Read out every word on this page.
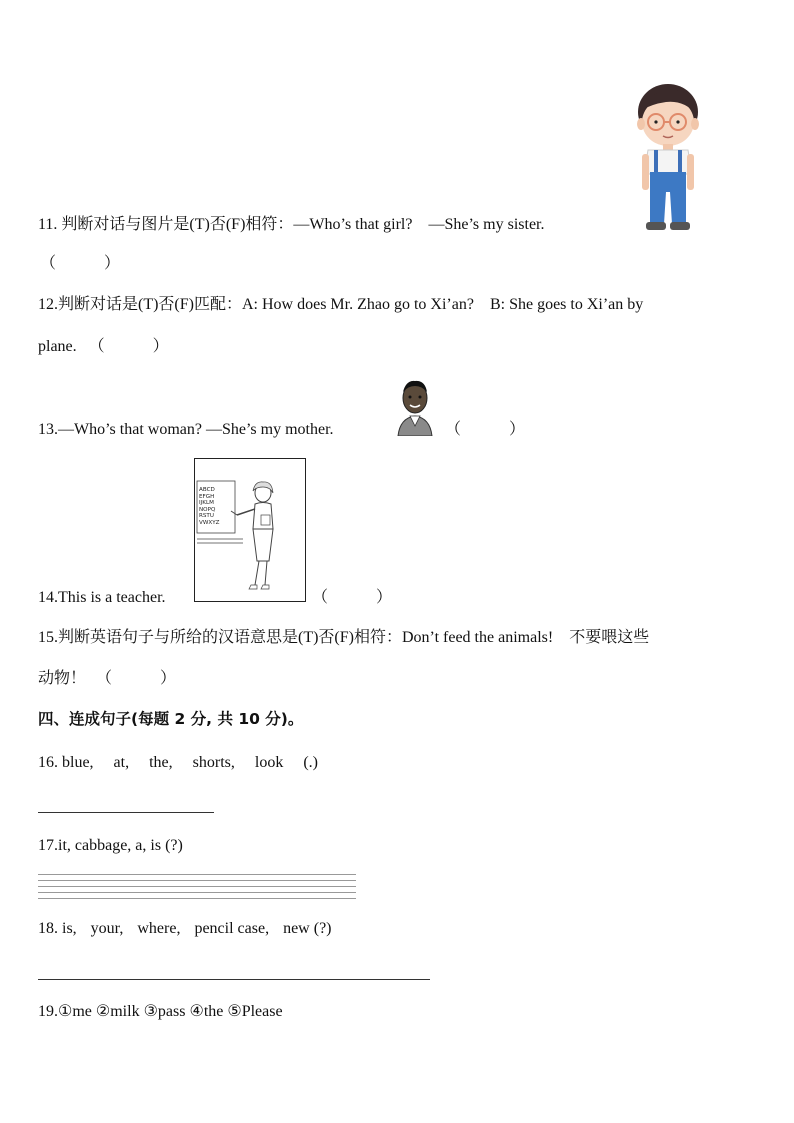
11. 判断对话与图片是(T)否(F)相符：—Who’s that girl?　—She’s my sister.
（　　　）
12.判断对话是(T)否(F)匹配：A: How does Mr. Zhao go to Xi’an?　B: She goes to Xi’an by
plane. （　　　）
13.—Who’s that woman? —She’s my mother.	（　　　）
ABCD
EFGH
IJKLM
NOPQ
RSTU
VWXYZ
14.This is a teacher.	（　　　）
15.判断英语句子与所给的汉语意思是(T)否(F)相符：Don’t feed the animals!　不要喂这些
动物！ （　　　）
四、连成句子(每题 2 分, 共 10 分)。
16. blue, at, the, shorts, look (.)
17.it, cabbage, a, is (?)
18. is, your, where, pencil case, new (?)
19.①me ②milk ③pass ④the ⑤Please
